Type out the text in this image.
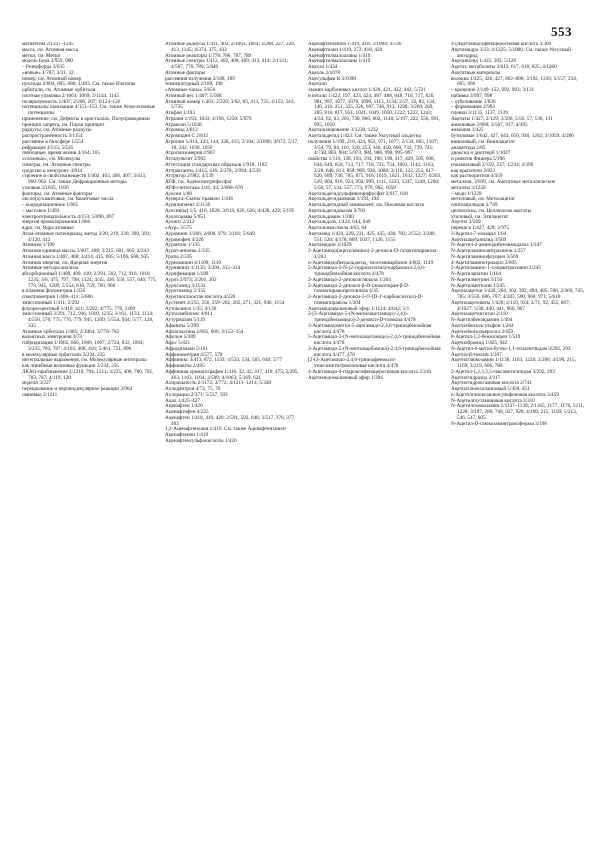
553

магнетизм 2/1237–1245

масса, см. Атомная масса

метки, см. Метки

модель Бора 3/959, 960

– Резерфорда 3/935

«новые» 1/787; 3/31, 32

номер, см. Атомный номер

нуклиды 3/604, 605, 606; 1/403. См. также Изотопы

орбитали, см. Атомные орбитали

плотная упаковка 2/1063, 1069; 3/1144, 1145

поляризуемость 1/407; 2/206, 207; 4/124–126

потенциалы ионизации 4/151–153. См. также Атом-атомные потенциалы

применение, см. Дефекты в кристаллах, Полупроводники

принцип запрета, см. Паули принцип

радиусы, см. Атомные радиусы

распространенность 3/1154

рассеяние в биосфере 1/554

рефракция 4/515; 5/545

свободные, время жизни 4/164, 165

«сложные», см. Молекулы

спектры, см. Атомные спектры

сродство к электрону 4/814

строение и свойства веществ 1/402, 403, 406, 407; 3/413, 960–962. См. также Дифракционные методы

узловые 2/1035, 1036

факторы, см. Атомные факторы

число(а) квантовые, см. Квантовые числа

– координационное 1/665

– массовое 1/403

электроотрицательность 4/153; 5/896, 897

энергия промотирования 1/666

ядра, см. Ядра атомные

Атом-атомные потенциалы, метод 3/20, 219, 220, 390, 391; 4/120, 412

Атомизм 1/190

Атомная единица массы 1/407, 408; 3/215, 601, 605; 4/243

Атомная масса 1/407, 408; 3/414, 415, 605; 5/106, 508, 935

Атомная энергия, см. Ядерная энергия

Атомные методы анализа

абсорбционный 1/408, 409, 410; 2/291, 562, 712, 916, 1010, 1235; 3/6, 475, 797, 798, 1124; 4/35, 436, 550, 557, 640, 775, 779, 945, 1209; 5/554, 610, 759, 760, 966

в пламени фотометрия 1/335

спектрометрия 1/408–411; 5/666

эмиссионный 1/411; 2/292

флуоресцентный 1/410, 411; 2/292; 4/775, 776, 1209

эмиссионный 2/291, 712, 916, 1010, 1235; 3/161, 1133, 1134; 4/550, 570, 775, 776, 779, 945, 1209; 5/554, 944; 5/77, 128, 335

Атомные орбитали 1/405; 2/1064; 3/778–782

валентных электронов 3/73

гибридизация 1/1065, 666, 1066, 1067; 2/724, 832, 1064; 3/235, 783, 787; 4/102, 408, 416; 5/461, 751, 896

в молекулярные орбиталях 3/234, 235

интегральные выражения, см. Молекулярные интегралы

как линейные волновые функции 3/234, 235

ЛКАО-приближение 2/1210, 794, 1211; 3/235, 408, 780, 781, 783, 787; 4/119, 120

модели 3/227

перекрывание и перпендикулярное реакции 3/964

связевые 2/1211

Атомные радиусы 1/411, 403; 2/1063, 1064; 3/208, 227, 228, 413, 1145; 4/374, 375, 432

Атомные реакторы 1/778, 786, 787, 789

Атомные спектры 1/412, 402, 408, 409, 413, 414; 2/1121; 4/587, 776, 789; 5/640

Атомные факторы

рассеяния излучения 2/188, 189

температурный 2/189, 190

«Атомные часы» 5/656

Атомный вес 1/407; 5/508

Атомный номер 1/403; 2/220; 3/82, 83, 413, 735; 4/152, 243; 5/735

Атофан 1/193

Атразин 1/193, 1033; 4/196, 1250; 5/979

Атраксин 5/1038

Атромид 2/812

Атромидин С 2/812

Атропин 1/414, 143, 144, 328, 415; 2/104; 3/1080; 4/972; 5/17, 18, 242, 1038, 1056

Атропоизомерия 2/907

Аттапульгит 3/902

Аттестация стандартных образцов 1/918, 1182

Аттрактанты 1/415, 416; 2/378; 3/994; 4/539

Аттритор 2/982; 4/139

АТФ, см. Аденозинтрифосфат

АТФ-синтетазы 1/41, 43; 3/668–670

Ауксин 1/88

Аунерса–Скиты правило 1/416

Аурипигмент 2/1136

Ауксин(ы) 1/5, 416, 1028; 3/619, 620, 626; 4/428, 429; 5/195

Аукасорамы 5/651

Аулнит 2/213

«Аур» 3/575

Аураминн 1/366; 2/606, 979; 3/181; 5/649

Аурамофен 4/220

Аурантин 1/135

Аурат-анионы 2/335

Ураты 2/335

Ауреомицин 4/1109, 1110

Ауривинит 1/1135; 3/304, 312–314

Аурификация 1/189

Ауроэ 2/973; 3/201, 202

Ауросомид 3/1132

Ауротиамид 2/335

Ауротиоглиоктан кислота 4/220

Аустенит 2/255, 256, 259–262, 265, 271, 321, 946, 1154

Аутоксинол 1/35; 4/136

Аутосимбиозис 4/811

Аутурмахин 5/119

Афаниты 5/399

Афлатоксины 2/605, 606; 3/152–154

Афолон 5/389

Афос 5/421

Афродизиаки 5/161

Аффинометрия 4/577, 578

Аффиникс 3/413, 872, 1133; 4/533, 534, 565, 640; 5/77

Аффинанты 2/495

Аффинная хроматография 1/416, 32, 42, 417, 418, 475; 2/295, 463, 1163, 1164; 3/599; 4/1063; 5/169, 621

Ахиральность 2/1172; 3/772; 4/1211–1213; 5/338

Ахлодантрон 4/72, 75, 76

Ахлорацил 2/371; 5/537, 593

Ацал 1/425–427

Аценафтен 1/420

Аценафтофен 4/225

Аценафтен 1/418, 419, 420; 2/591, 593, 846; 3/517, 376, 377, 463

1,2-Аценафтенолон 1/419. См. также Аценафтенхинон

Аценафтенон 1/419

Аценафтенсульфокислоты 1/420

Аценафтенхинон 1/419, 418; 2/1094; 4/536

Аценафтилен 1/419, 372, 418, 420

Аценафтилмалоаланы 1/419

Аценафтилмалоаланы 1/419

Ацесал 1/434

Ацеоль 2/1078

Ацесульфам К 3/1090

Ацетали

лыжин карбоновых кислот 1/420, 421, 422, 442; 5/721

н кетали 1/422, 197, 423, 424, 487, 488, 648, 710, 717, 826, 981, 997, 1077, 1078, 1096, 1113, 1134; 2/27, 32, 82, 134, 140, 210, 251, 325, 326, 697, 746, 913, 1298; 3/268, 269, 285, 816, 817, 951, 1021, 1049, 1050, 1222, 1223, 1243; 4/34, 62, 93, 201, 738, 800, 802, 1148; 5/197, 222, 556, 991, 995, 1010

Ацетализирование 3/1230, 1232

Ацетальдегид 1/423. См. также Уксусный альдегид

получение 1/199, 210, 424, 952, 971, 1077; 2/134, 665, 1107; 3/54, 79, 84, 101, 120, 253, 346, 450, 660, 732, 739, 741; 4/738, 803, 804; 5/973, 984, 988, 990, 995–997

свойства 1/119, 138, 193, 194, 196, 198, 317, 429, 505, 608, 644, 649, 650, 713, 717, 718, 721, 724, 1063, 1142, 1163; 2/28, 640, 813, 858, 908, 936, 1080; 3/118, 122, 252, 617–620, 689, 736, 785, 875, 916, 1019, 1021, 1032, 1227; 4/203, 549, 804, 918, 924, 992, 999, 1111, 1223, 1247, 1248, 1260; 5/56, 57, 134, 557, 773, 979, 982, 1058

Ацетальдегидсульфинонрифосфат 3/617, 618

Ацетальдегидаммиак 1/193, 194

Ацетальдегидный эквивалент, см. Пиолевая кислота

Ацетальдегидоксим 3/701

Ацетальдимин 1/200

Ацетальдоль 1/424, 644, 649

Ацетальная смола 4/63, 64

Ацетамид 1/424, 229, 231, 425, 435, 438, 783; 2/552; 3/280, 511, 520; 4/178, 809, 1037, 1126, 1155

Ацетамидин 3/1029

2-Ацетамидо(ацетиламино)-2-дезокси-D-галактопираноза 1/203

n-Ацетамидобензальдегид, тиосемикарбазон 4/602, 1149

5-Ацетамидо-3-N-(2-гидроксиэтил)-карбамоил-2,4,6-трииодбензойная кислота 4/478

2-Ацетамидо-2-дезоксиглюкоза 1/204

2-Ацетамидо-2-дезокси-β-D-глюкопиран-β-D-глюкопиранопротоиназа 4/35

2-Ацетамидо-2-дезокси-3-О-(D-1'-карбоксиэтил)-D-глюкопираноза 1/204

Ацетамидомалоновый эфир 1/1124; 4/642; 5/1

2-[3-Ацетамидо-5-(N-метилацетамидо)-2,4,6-трииодбензамидо]-2-дезокси-D-глюкоза 4/478

3-Ацетамидометил-5-ацетамидо-2,4,6-трииодбензойная кислота 4/478

5-Ацетамидо-3-(N-метилацетамидо)-2,4,6-трииодбензойная кислота 4/478

3-Ацетамидо-5-(N-метилкарбамоил)-2,4,6-трииодбензойная кислота 4/477, 478

[2-(3-Ацетамидо-2,4,6-трииодфенокси)-этоксиметил]малоновая кислота 4/478

4-Ацетамидо-4-гидроксифенацеросновая кислота 3/310

Ацетамидомалоновый эфир 1/394

4-(Ацетамидо)фенацеросновая кислота 3/309

Ацетамидра 3/33; 4/1225; 5/1000. См. также Уксусный ангидрид

Ацетанилид 1/425, 305; 5/126

Ацетат, метаболиты 3/613, 617, 618, 625; 4/1260

Ацетатные материалы

волокна 1/425, 426, 427, 802–806; 3/192, 1236; 5/157, 234, 665, 666

– кроцелие 2/149–152, 992, 993; 3/131

набивка 3/997, 998

– отбеливание 3/836

– формование 2/993

пленки 3/1135, 1137, 1139

Ацетаты 1/427; 2/129; 3/506; 5/56, 57, 130, 131

анионовые 2/800; 3/567, 917; 4/495

аммония 1/425

бутиловые 1/642, 427, 643, 650, 936, 1202; 3/1059; 4/286

виниловый, см. Винилацетат

диацетиды 2/85

диоксид и диоттерб 1/1027

и реактив Фишера 5/196

изоамиловый 2/359, 237; 1/234; 4/396

как красители 3/833

как растворители 4/359

металлов, 3/839, см. Ацетатные металлические

металлы 3/1258

– меди 1/1329

метиловый, см. Метилацетат

олигоацилидов 3/749

целлюлозы, см. Целлюлозы ацетаты

этиловый, см. Этилацетат

Ацетил 3/569

перекись 1/427, 428; 3/975

3-Ацетил-7-изоацил 1/64

Ацетилацетанилид 3/569

N-Ацетил-2-аминодибензимидазол 1/247

N-Ацетиламиноантрахинон 1/257

N-Ацетиламинофлуорен 3/569

4-Ацетиламинотриацил 2/605

2-Ацетиламино-1-хлорантрахинон 1/245

N-Ацетилапатин 1/164

N-Ацетилметрин 3/156

N-Ацетилметилин 1/245

Ацетилацетон 1/428, 264, 302, 392, 484, 485, 596; 2/369, 745, 785; 3/556, 686, 797; 4/203, 500, 960, 971; 5/610

Ацетилацетонаты 1/428; 2/110, 924; 3/71, 92, 455, 807; 4/1027; 5/30, 440, 441, 966, 967

Ацетилацетонтитан 2/110

N-Ацетилбензидамин 1/494

Ацетилбензолсульфон 1/264

Ацетилбензолкеросил 3/459

8-Ацетил-1,2-бензопирен 1/519

Ацетилбромид 1/425, 942

N-Ацетил-6-метил-бутил-1,1-этиленглидам 3/292, 293

Ацетил-β-токсин 1/207

Ацетилглюкозамин 1/1138, 1163, 1228; 3/286; 4/190, 215, 1169; 3/219, 606, 780

2-Ацетил-1,2,3,3,5-гексаметилиндан 3/292, 293

Ацетилгидразид 2/117

Ацетилгидроксамовая кислота 2/741

Ацетилглиоксалаиновый 5/450, 451

n-Ацетилглиоксаиленсульфоновая кислота 3/459

N-Ацетилглутаминовая кислота 3/310

N-Ацетилглюкозамин 1/1137–1139; 2/1165, 1177, 1178, 1211, 1228; 3/197, 286, 748, 927, 928; 4/190, 215, 1169; 5/213, 546, 547, 605

N-Ацетил-D-глюкозаминтрансфераза 3/198
